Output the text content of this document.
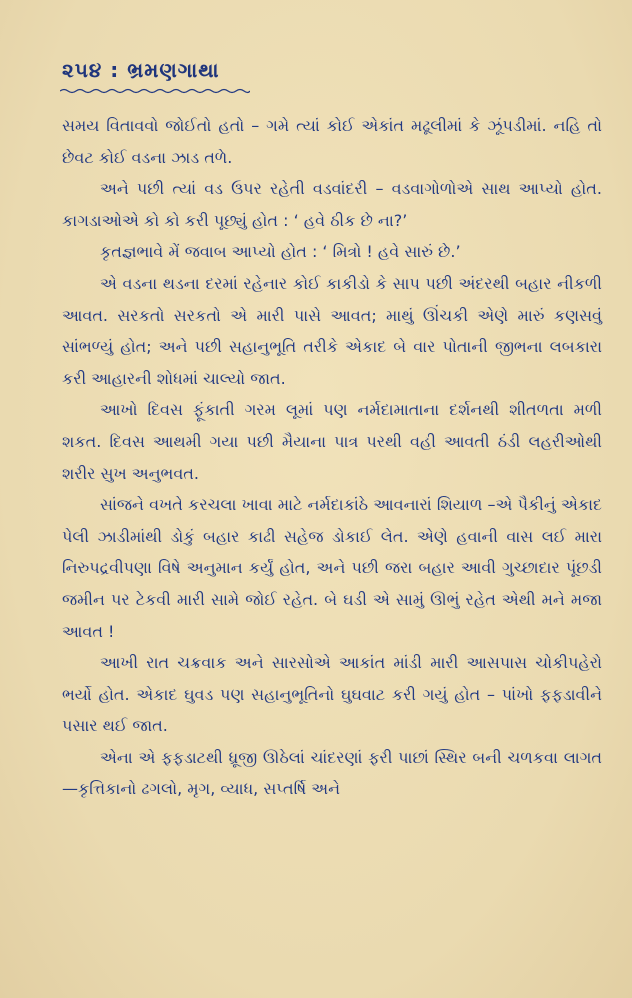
૨૫૪ : ભ્રમણગાથા

સમય વિતાવવો જોઈતો હતો – ગમે ત્યાં કોઈ એકાંત મઢૂલીમાં કે ઝૂંપડીમાં. નહિ તો છેવટ કોઈ વડના ઝાડ તળે.

અને પછી ત્યાં વડ ઉપર રહેતી વડવાંદરી – વડવાગોળોએ સાથ આપ્યો હોત. કાગડાઓએ કો કો કરી પૂછ્યું હોત : ‘ હવે ઠીક છે ના?’

કૃતજ્ઞભાવે મેં જવાબ આપ્યો હોત : ‘ મિત્રો ! હવે સારું છે.’

એ વડના થડના દરમાં રહેનાર કોઈ કાકીડો કે સાપ પછી અંદરથી બહાર નીકળી આવત. સરકતો સરકતો એ મારી પાસે આવત; માથું ઊંચકી એણે મારું કણસવું સાંભળ્યું હોત; અને પછી સહાનુભૂતિ તરીકે એકાદ બે વાર પોતાની જીભના લબકારા કરી આહારની શોધમાં ચાલ્યો જાત.

આખો દિવસ ફૂંકાતી ગરમ લૂમાં પણ નર્મદામાતાના દર્શનથી શીતળતા મળી શકત. દિવસ આથમી ગયા પછી મૈયાના પાત્ર પરથી વહી આવતી ઠંડી લહરીઓથી શરીર સુખ અનુભવત.

સાંજને વખતે કરચલા ખાવા માટે નર્મદાકાંઠે આવનારાં શિયાળ –એ પૈકીનું એકાદ પેલી ઝાડીમાંથી ડોકું બહાર કાઢી સહેજ ડોકાઈ લેત. એણે હવાની વાસ લઈ મારા નિરુપદ્રવીપણા વિષે અનુમાન કર્યું હોત, અને પછી જરા બહાર આવી ગુચ્છાદાર પૂંછડી જમીન પર ટેકવી મારી સામે જોઈ રહેત. બે ઘડી એ સામું ઊભું રહેત એથી મને મજા આવત !

આખી રાત ચક્રવાક અને સારસોએ આકાંત માંડી મારી આસપાસ ચોકીપહેરો ભર્યો હોત. એકાદ ઘુવડ પણ સહાનુભૂતિનો ઘુઘવાટ કરી ગયું હોત – પાંખો ફફડાવીને પસાર થઈ જાત.

એના એ ફફડાટથી ધ્રૂજી ઊઠેલાં ચાંદરણાં ફરી પાછાં સ્થિર બની ચળકવા લાગત—કૃત્તિકાનો ઢગલો, મૃગ, વ્યાધ, સપ્તર્ષિ અને
